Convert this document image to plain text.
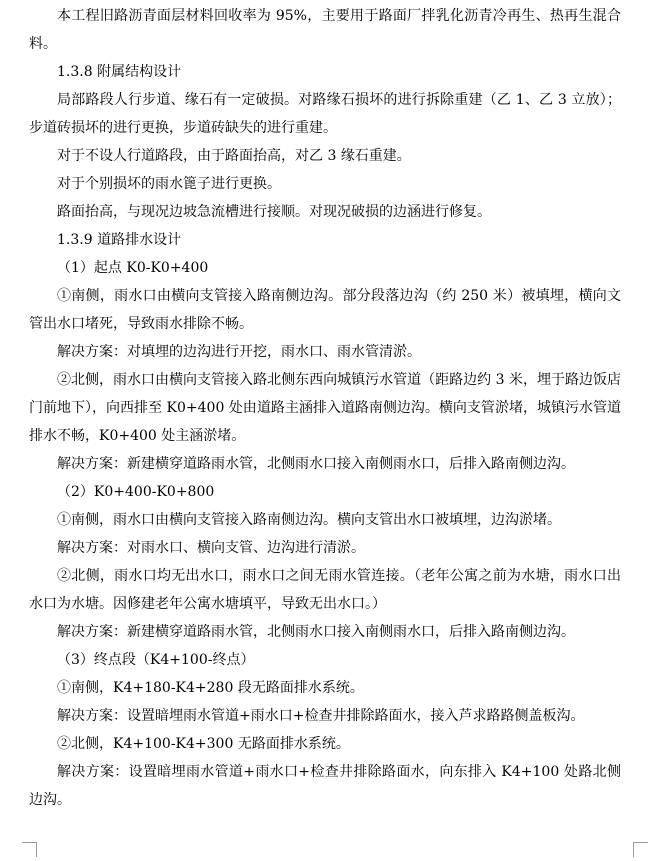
本工程旧路沥青面层材料回收率为 95%，主要用于路面厂拌乳化沥青冷再生、热再生混合料。

1.3.8 附属结构设计

局部路段人行步道、缘石有一定破损。对路缘石损坏的进行拆除重建（乙 1、乙 3 立放）；步道砖损坏的进行更换，步道砖缺失的进行重建。

对于不设人行道路段，由于路面抬高，对乙 3 缘石重建。

对于个别损坏的雨水篦子进行更换。

路面抬高，与现况边坡急流槽进行接顺。对现况破损的边涵进行修复。

1.3.9 道路排水设计

（1）起点 K0-K0+400

①南侧，雨水口由横向支管接入路南侧边沟。部分段落边沟（约 250 米）被填埋，横向文管出水口堵死，导致雨水排除不畅。

解决方案：对填埋的边沟进行开挖，雨水口、雨水管清淤。

②北侧，雨水口由横向支管接入路北侧东西向城镇污水管道（距路边约 3 米，埋于路边饭店门前地下），向西排至 K0+400 处由道路主涵排入道路南侧边沟。横向支管淤堵，城镇污水管道排水不畅，K0+400 处主涵淤堵。

解决方案：新建横穿道路雨水管，北侧雨水口接入南侧雨水口，后排入路南侧边沟。

（2）K0+400-K0+800

①南侧，雨水口由横向支管接入路南侧边沟。横向支管出水口被填埋，边沟淤堵。

解决方案：对雨水口、横向支管、边沟进行清淤。

②北侧，雨水口均无出水口，雨水口之间无雨水管连接。（老年公寓之前为水塘，雨水口出水口为水塘。因修建老年公寓水塘填平，导致无出水口。）

解决方案：新建横穿道路雨水管，北侧雨水口接入南侧雨水口，后排入路南侧边沟。

（3）终点段（K4+100-终点）

①南侧，K4+180-K4+280 段无路面排水系统。

解决方案：设置暗埋雨水管道+雨水口+检查井排除路面水，接入芦求路路侧盖板沟。

②北侧，K4+100-K4+300 无路面排水系统。

解决方案：设置暗埋雨水管道+雨水口+检查井排除路面水，向东排入 K4+100 处路北侧边沟。
